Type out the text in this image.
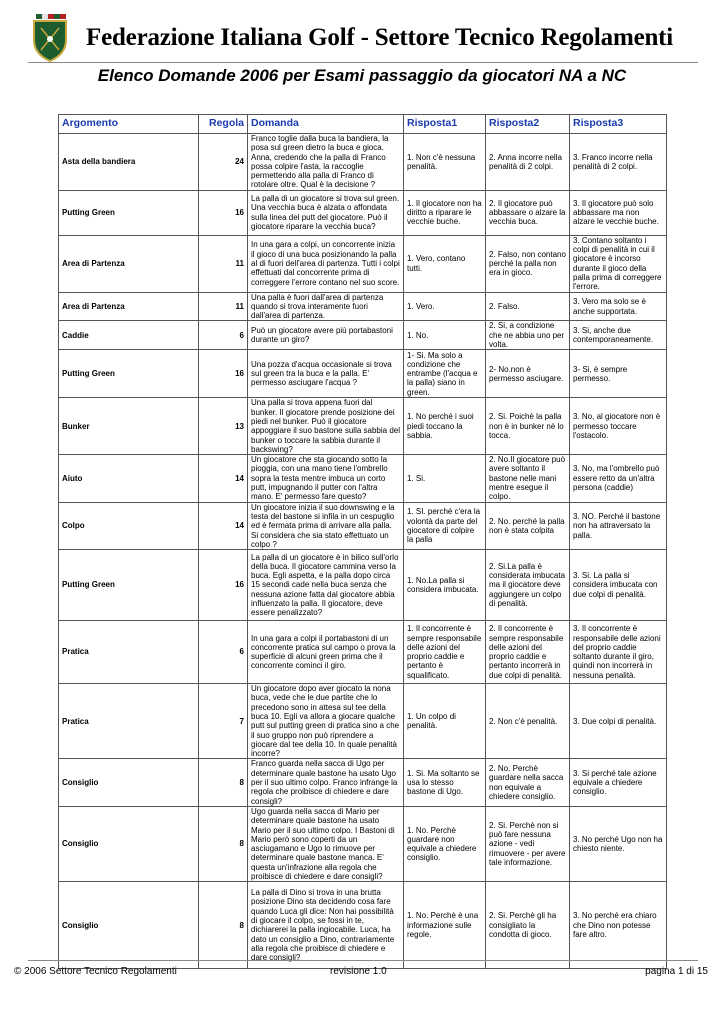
Federazione Italiana Golf - Settore Tecnico Regolamenti
Elenco Domande 2006 per Esami passaggio da giocatori NA a NC
Argomento	Regola	Domanda	Risposta1	Risposta2	Risposta3
Asta della bandiera	24	Franco toglie dalla buca la bandiera, la posa sul green dietro la buca e gioca. Anna, credendo che la palla di Franco possa colpire l'asta, la raccoglie permettendo alla palla di Franco di rotolare oltre. Qual è la decisione ?	1. Non c'è nessuna penalità.	2. Anna incorre nella penalità di 2 colpi.	3. Franco incorre nella penalità di 2 colpi.
Putting Green	16	La palla di un giocatore si trova sul green. Una vecchia buca è alzata o affondata sulla linea del putt del giocatore. Può il giocatore riparare la vecchia buca?	1. Il giocatore non ha diritto a riparare le vecchie buche.	2. Il giocatore può abbassare o alzare la vecchia buca.	3. Il giocatore può solo abbassare ma non alzare le vecchie buche.
Area di Partenza	11	In una gara a colpi, un concorrente inizia il gioco di una buca posizionando la palla al di fuori dell'area di partenza. Tutti i colpi effettuati dal concorrente prima di correggere l'errore contano nel suo score.	1. Vero, contano tutti.	2. Falso, non contano perché la palla non era in gioco.	3. Contano soltanto i colpi di penalità in cui il giocatore è incorso durante il gioco della palla prima di correggere l'errore.
Area di Partenza	11	Una palla è fuori dall'area di partenza quando si trova interamente fuori dall'area di partenza.	1. Vero.	2. Falso.	3. Vero ma solo se è anche supportata.
Caddie	6	Può un giocatore avere più portabastoni durante un giro?	1. No.	2. Si, a condizione che ne abbia uno per volta.	3. Si, anche due contemporaneamente.
Putting Green	16	Una pozza d'acqua occasionale si trova sul green tra la buca e la palla. E' permesso asciugare l'acqua ?	1- Si. Ma solo a condizione che entrambe (l'acqua e la palla) siano in green.	2- No.non è permesso asciugare.	3- Si, è sempre permesso.
Bunker	13	Una palla si trova appena fuori dal bunker. Il giocatore prende posizione dei piedi nel bunker. Può il giocatore appoggiare il suo bastone sulla sabbia del bunker o toccare la sabbia durante il backswing?	1. No perché i suoi piedi toccano la sabbia.	2. Si. Poichè la palla non è in bunker nè lo tocca.	3. No, al giocatore non è permesso toccare l'ostacolo.
Aiuto	14	Un giocatore che sta giocando sotto la pioggia, con una mano tiene l'ombrello sopra la testa mentre imbuca un corto putt, impugnando il putter con l'altra mano. E' permesso fare questo?	1. Si.	2. No.Il giocatore può avere soltanto il bastone nelle mani mentre esegue il colpo.	3. No, ma l'ombrello può essere retto da un'altra persona (caddie)
Colpo	14	Un giocatore inizia il suo downswing e la testa del bastone si infila in un cespuglio ed è fermata prima di arrivare alla palla. Si considera che sia stato effettuato un colpo ?	1. SI. perché c'era la volontà da parte del giocatore di colpire la palla	2. No. perché la palla non è stata colpita	3. NO. Perché il bastone non ha attraversato la palla.
Putting Green	16	La palla di un giocatore è in bilico sull'orlo della buca. Il giocatore cammina verso la buca. Egli aspetta, e la palla dopo circa 15 secondi cade nella buca senza che nessuna azione fatta dal giocatore abbia influenzato la palla. Il giocatore, deve essere penalizzato?	1. No.La palla si considera imbucata.	2. Si.La palla è considerata imbucata ma il giocatore deve aggiungere un colpo di penalità.	3. Si. La palla si considera imbucata con due colpi di penalità.
Pratica	6	In una gara a colpi il portabastoni di un concorrente pratica sul campo o prova la superficie di alcuni green prima che il concorrente cominci il giro.	1. Il concorrente è sempre responsabile delle azioni del proprio caddie e pertanto è squalificato.	2. Il concorrente è sempre responsabile delle azioni del proprio caddie e pertanto incorrerà in due colpi di penalità.	3. Il concorrente è responsabile delle azioni del proprio caddie soltanto durante il giro, quindi non incorrerà in nessuna penalità.
Pratica	7	Un giocatore dopo aver giocato la nona buca, vede che le due partite che lo precedono sono in attesa sul tee della buca 10. Egli va allora a giocare qualche putt sul putting green di pratica sino a che il suo gruppo non può riprendere a giocare dal tee della 10. In quale penalità incorre?	1. Un colpo di penalità.	2. Non c'è penalità.	3. Due colpi di penalità.
Consiglio	8	Franco guarda nella sacca di Ugo per determinare quale bastone ha usato Ugo per il suo ultimo colpo. Franco infrange la regola che proibisce di chiedere e dare consigli?	1. Si. Ma soltanto se usa lo stesso bastone di Ugo.	2. No. Perchè guardare nella sacca non equivale a chiedere consiglio.	3. Si perché tale azione equivale a chiedere consiglio.
Consiglio	8	Ugo guarda nella sacca di Mario per determinare quale bastone ha usato Mario per il suo ultimo colpo. I Bastoni di Mario però sono coperti da un asciugamano e Ugo lo rimuove per determinare quale bastone manca. E' questa un'infrazione alla regola che proibisce di chiedere e dare consigli?	1. No. Perchè guardare non equivale a chiedere consiglio.	2. Si. Perchè non si può fare nessuna azione - vedi rimuovere - per avere tale informazione.	3. No perché Ugo non ha chiesto niente.
Consiglio	8	La palla di Dino si trova in una brutta posizione Dino sta decidendo cosa fare quando Luca gli dice: Non hai possibilità di giocare il colpo, se fossi in te, dichiarerei la palla ingiocabile. Luca, ha dato un consiglio a Dino, contrariamente alla regola che proibisce di chiedere e dare consigli?	1. No. Perchè è una informazione sulle regole.	2. Si. Perchè gli ha consigliato la condotta di gioco.	3. No perché era chiaro che Dino non potesse fare altro.
© 2006 Settore Tecnico Regolamenti	revisione 1.0	pagina 1 di 15
